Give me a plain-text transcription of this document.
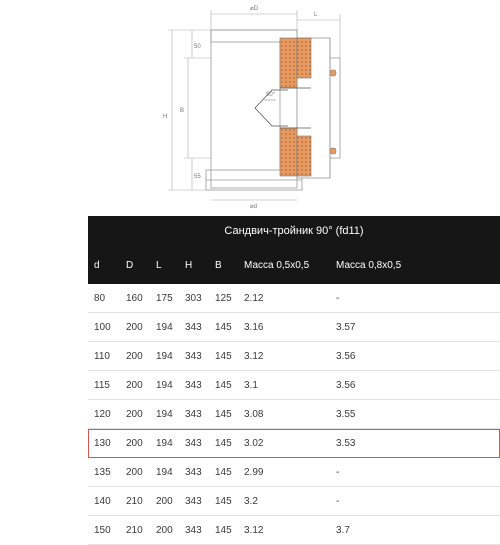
⌀D
L
B
H
50
55
90°
⌀d
Сандвич-тройник 90° (fd11)
d	D L H B Масса 0,5х0,5	Масса 0,8х0,5
80 160 175 303 125 2.12	-
100 200 194 343 145 3.16	3.57
110 200 194 343 145 3.12	3.56
115 200 194 343 145 3.1	3.56
120 200 194 343 145 3.08	3.55
130 200 194 343 145 3.02	3.53
135 200 194 343 145 2.99	-
140 210 200 343 145 3.2	-
150 210 200 343 145 3.12	3.7
